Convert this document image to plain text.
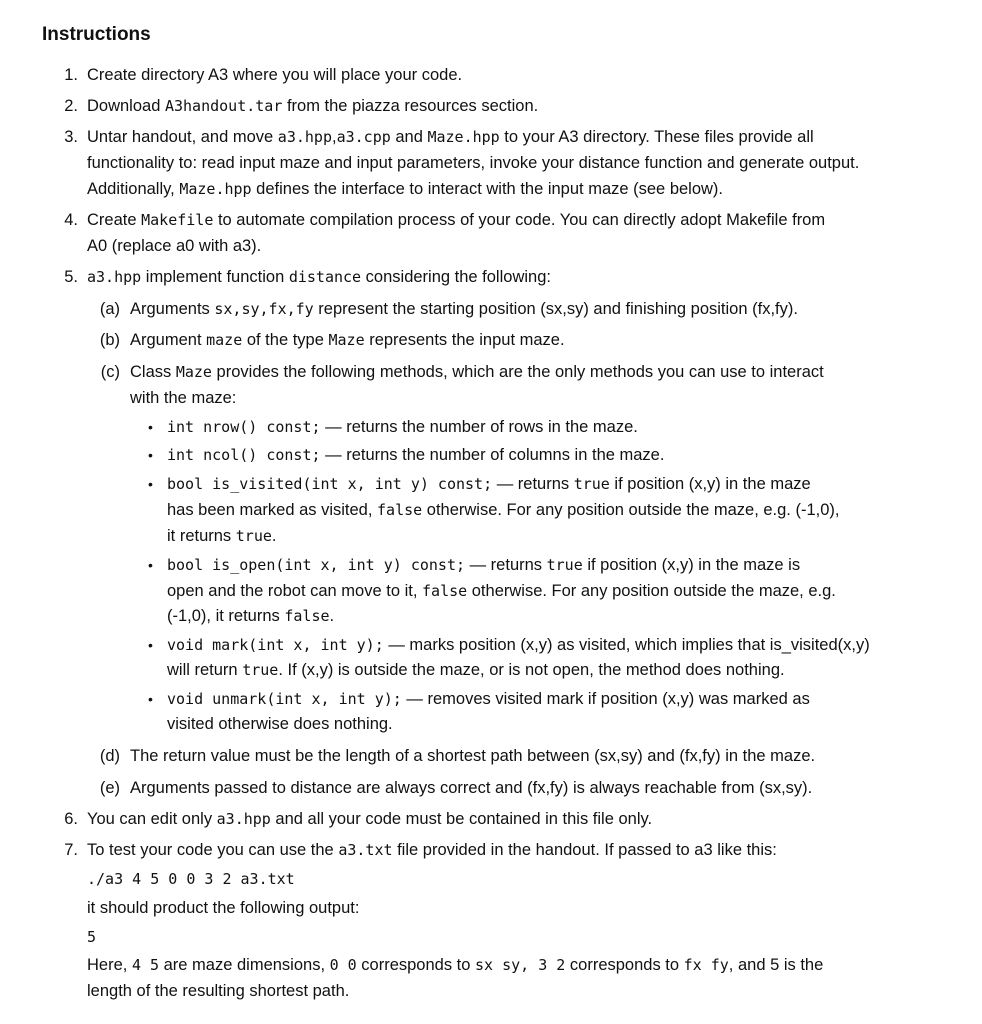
Instructions
1. Create directory A3 where you will place your code.
2. Download A3handout.tar from the piazza resources section.
3. Untar handout, and move a3.hpp,a3.cpp and Maze.hpp to your A3 directory. These files provide all
functionality to: read input maze and input parameters, invoke your distance function and generate output.
Additionally, Maze.hpp defines the interface to interact with the input maze (see below).
4. Create Makefile to automate compilation process of your code. You can directly adopt Makefile from
A0 (replace a0 with a3).
5. a3.hpp implement function distance considering the following:
(a) Arguments sx,sy,fx,fy represent the starting position (sx,sy) and finishing position (fx,fy).
(b) Argument maze of the type Maze represents the input maze.
(c) Class Maze provides the following methods, which are the only methods you can use to interact
with the maze:
• int nrow() const; — returns the number of rows in the maze.
• int ncol() const; — returns the number of columns in the maze.
• bool is_visited(int x, int y) const; — returns true if position (x,y) in the maze
has been marked as visited, false otherwise. For any position outside the maze, e.g. (-1,0),
it returns true.
• bool is_open(int x, int y) const; — returns true if position (x,y) in the maze is
open and the robot can move to it, false otherwise. For any position outside the maze, e.g.
(-1,0), it returns false.
• void mark(int x, int y); — marks position (x,y) as visited, which implies that is_visited(x,y)
will return true. If (x,y) is outside the maze, or is not open, the method does nothing.
• void unmark(int x, int y); — removes visited mark if position (x,y) was marked as
visited otherwise does nothing.
(d) The return value must be the length of a shortest path between (sx,sy) and (fx,fy) in the maze.
(e) Arguments passed to distance are always correct and (fx,fy) is always reachable from (sx,sy).
6. You can edit only a3.hpp and all your code must be contained in this file only.
7. To test your code you can use the a3.txt file provided in the handout. If passed to a3 like this:
./a3 4 5 0 0 3 2 a3.txt
it should product the following output:
5
Here, 4 5 are maze dimensions, 0 0 corresponds to sx sy, 3 2 corresponds to fx fy, and 5 is the
length of the resulting shortest path.
